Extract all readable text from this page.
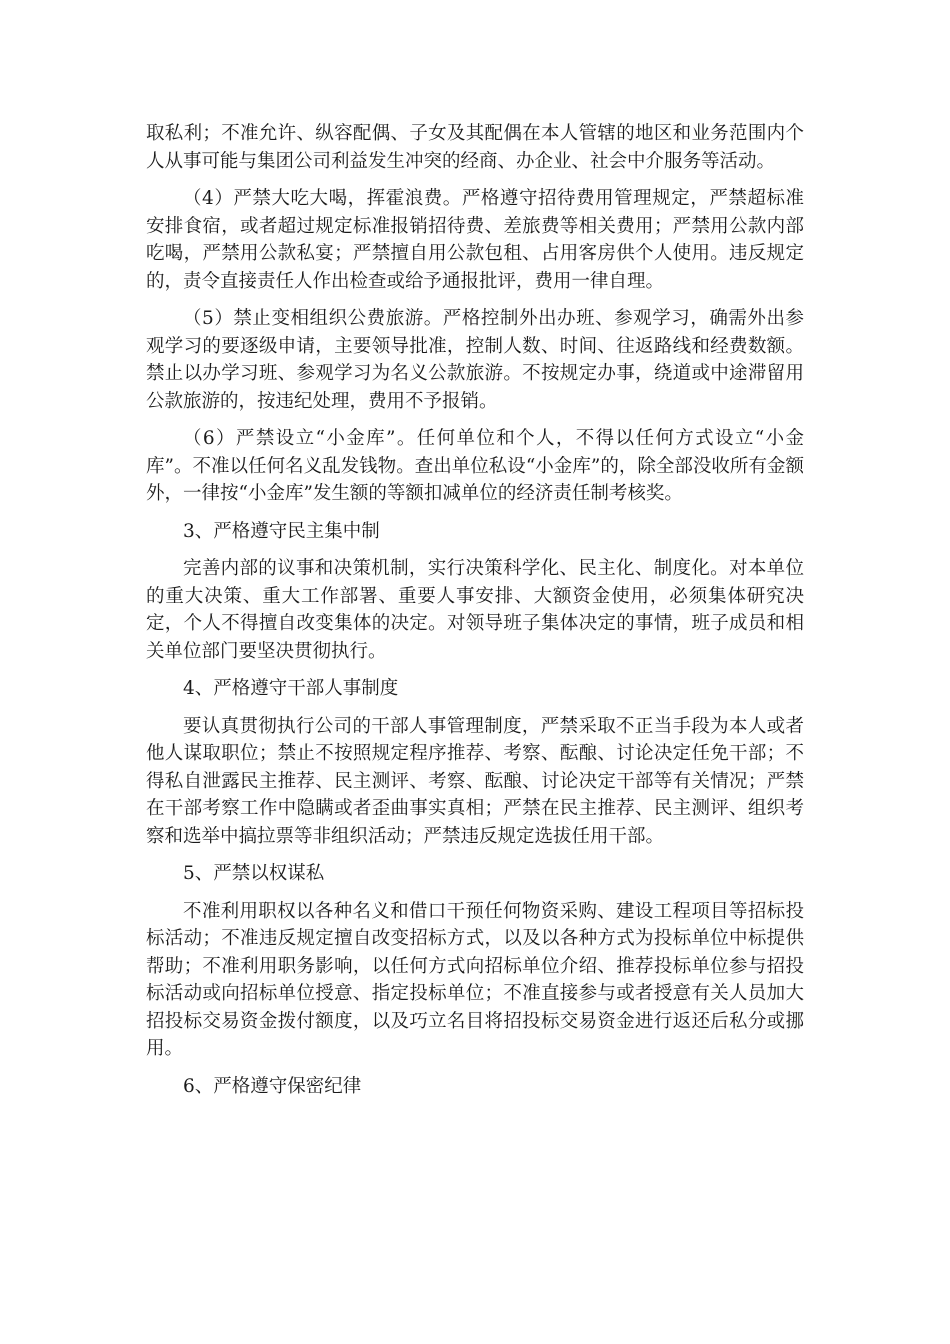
取私利；不准允许、纵容配偶、子女及其配偶在本人管辖的地区和业务范围内个人从事可能与集团公司利益发生冲突的经商、办企业、社会中介服务等活动。

（4）严禁大吃大喝，挥霍浪费。严格遵守招待费用管理规定，严禁超标准安排食宿，或者超过规定标准报销招待费、差旅费等相关费用；严禁用公款内部吃喝，严禁用公款私宴；严禁擅自用公款包租、占用客房供个人使用。违反规定的，责令直接责任人作出检查或给予通报批评，费用一律自理。

（5）禁止变相组织公费旅游。严格控制外出办班、参观学习，确需外出参观学习的要逐级申请，主要领导批准，控制人数、时间、往返路线和经费数额。禁止以办学习班、参观学习为名义公款旅游。不按规定办事，绕道或中途滞留用公款旅游的，按违纪处理，费用不予报销。

（6）严禁设立“小金库”。任何单位和个人，不得以任何方式设立“小金库”。不准以任何名义乱发钱物。查出单位私设“小金库”的，除全部没收所有金额外，一律按“小金库”发生额的等额扣减单位的经济责任制考核奖。

3、严格遵守民主集中制

完善内部的议事和决策机制，实行决策科学化、民主化、制度化。对本单位的重大决策、重大工作部署、重要人事安排、大额资金使用，必须集体研究决定，个人不得擅自改变集体的决定。对领导班子集体决定的事情，班子成员和相关单位部门要坚决贯彻执行。

4、严格遵守干部人事制度

要认真贯彻执行公司的干部人事管理制度，严禁采取不正当手段为本人或者他人谋取职位；禁止不按照规定程序推荐、考察、酝酿、讨论决定任免干部；不得私自泄露民主推荐、民主测评、考察、酝酿、讨论决定干部等有关情况；严禁在干部考察工作中隐瞒或者歪曲事实真相；严禁在民主推荐、民主测评、组织考察和选举中搞拉票等非组织活动；严禁违反规定选拔任用干部。

5、严禁以权谋私

不准利用职权以各种名义和借口干预任何物资采购、建设工程项目等招标投标活动；不准违反规定擅自改变招标方式，以及以各种方式为投标单位中标提供帮助；不准利用职务影响，以任何方式向招标单位介绍、推荐投标单位参与招投标活动或向招标单位授意、指定投标单位；不准直接参与或者授意有关人员加大招投标交易资金拨付额度，以及巧立名目将招投标交易资金进行返还后私分或挪用。

6、严格遵守保密纪律
